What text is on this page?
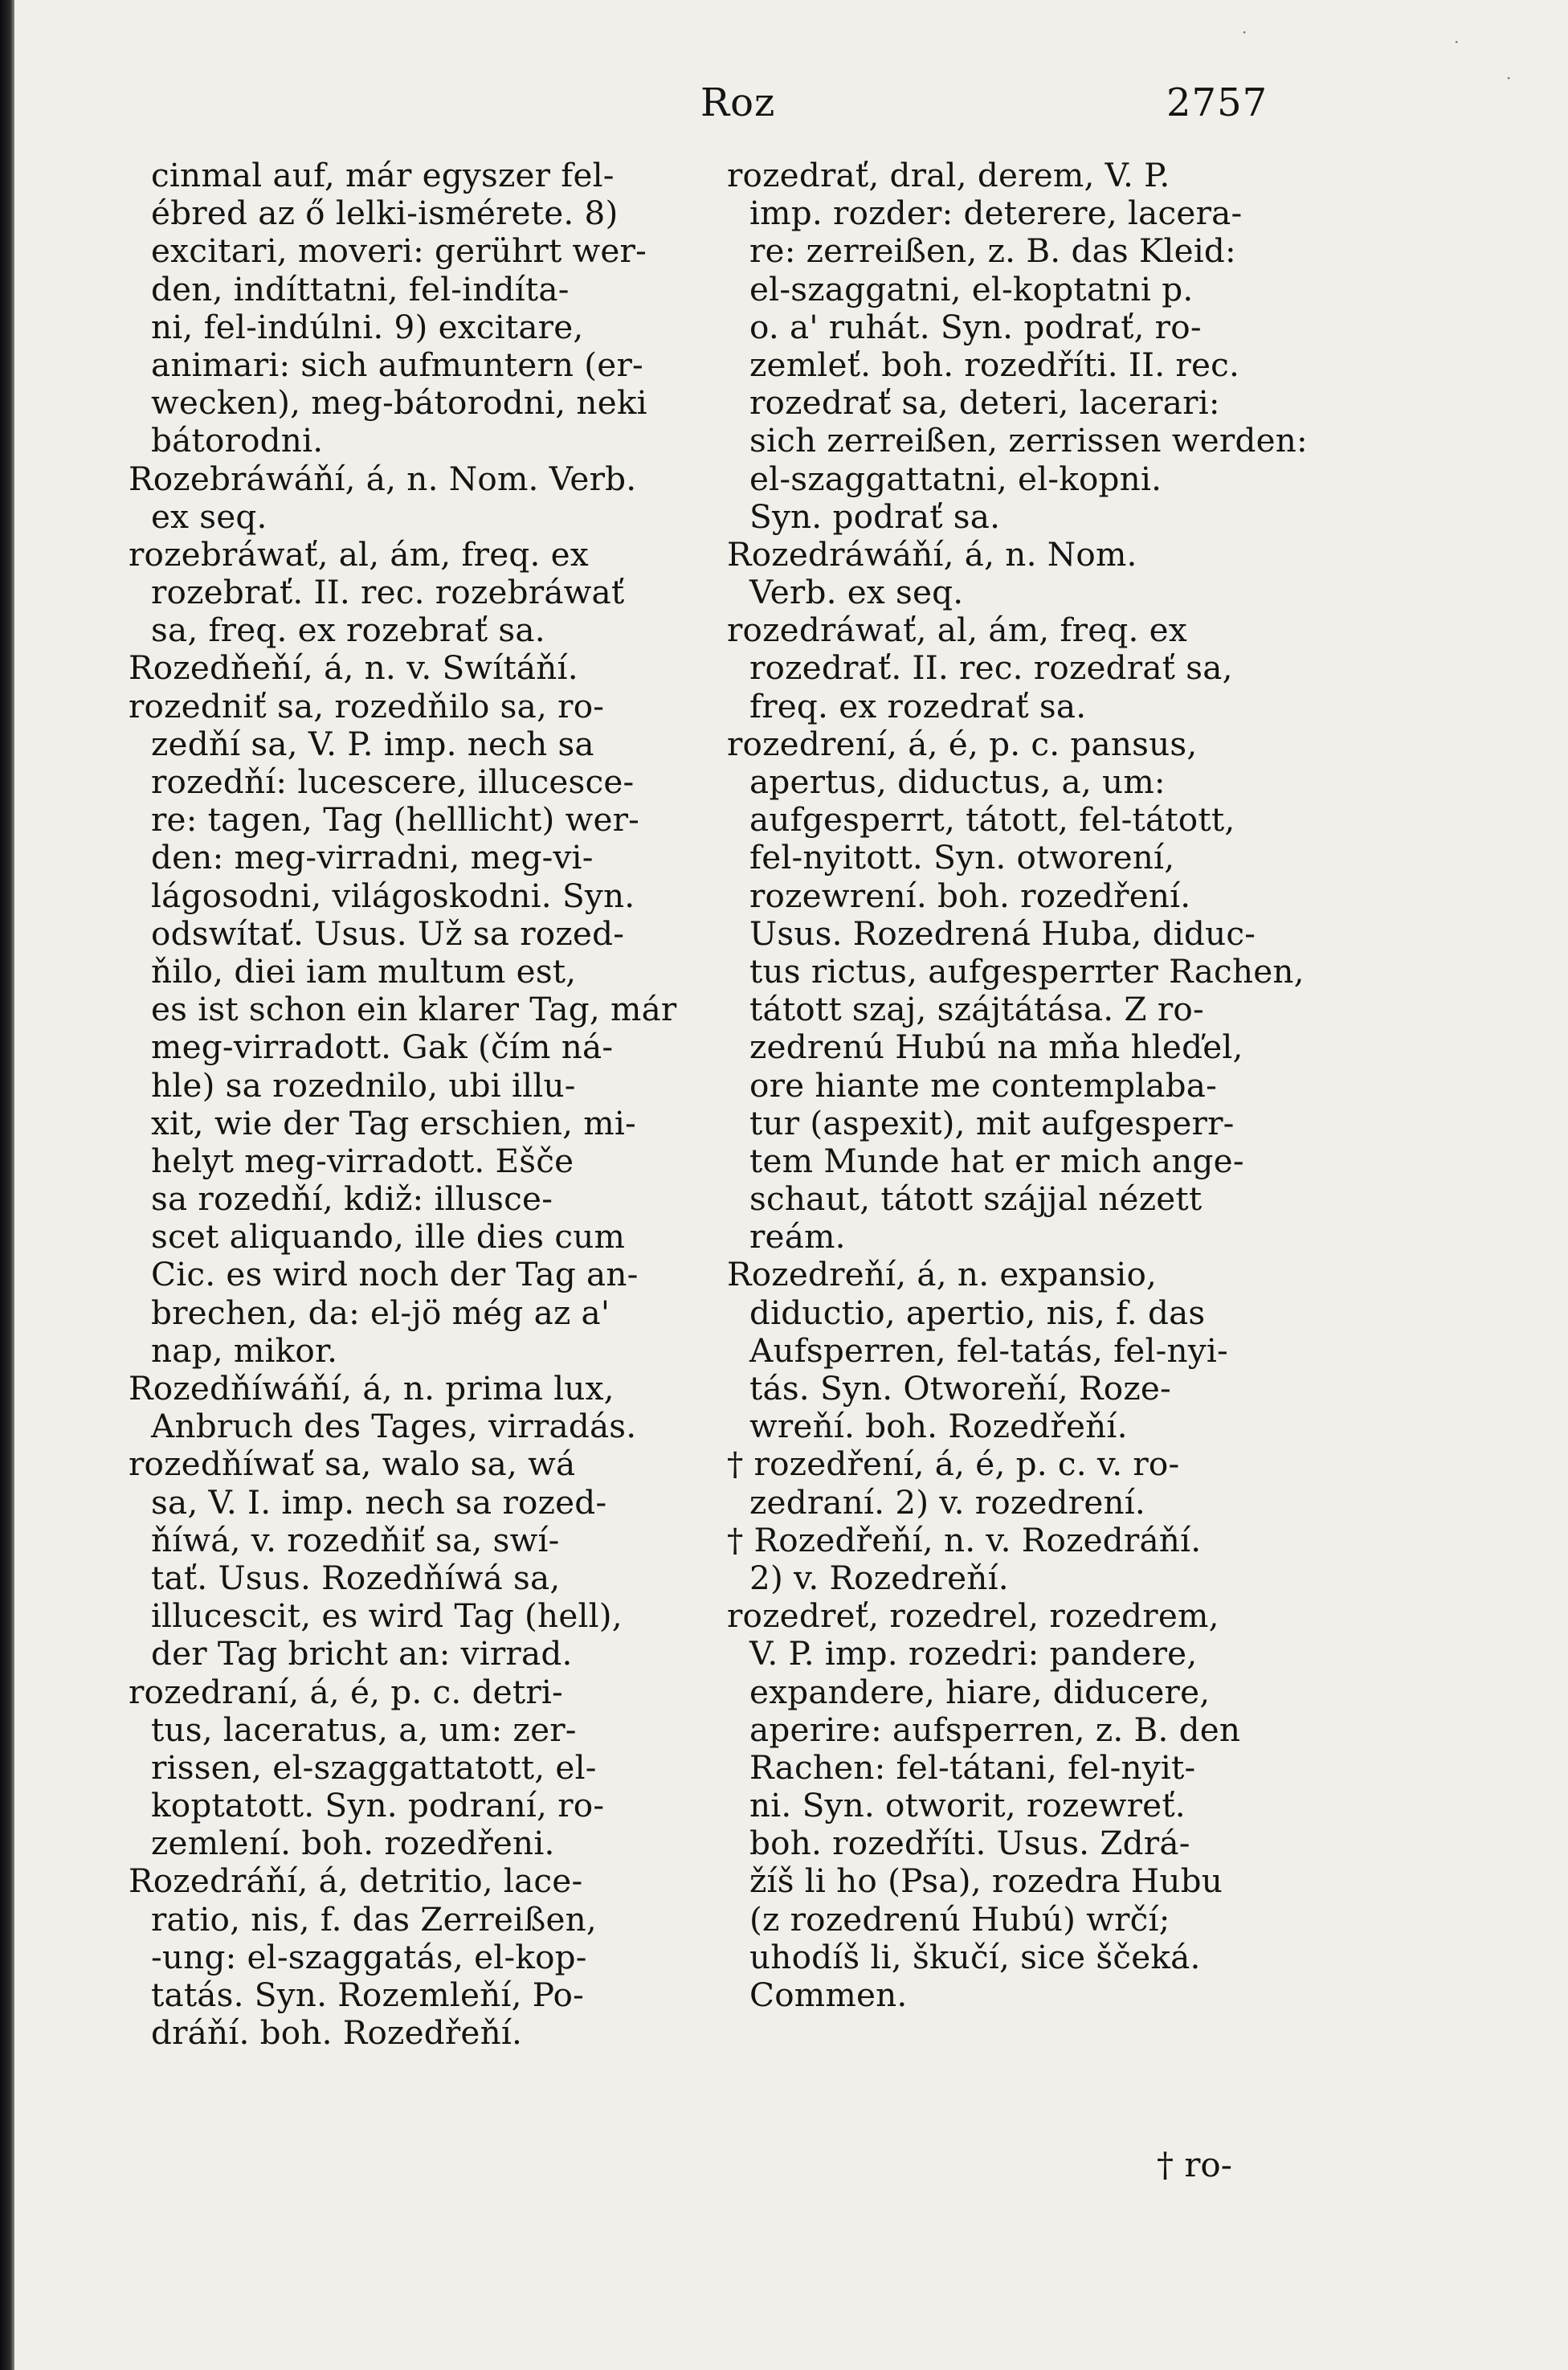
Roz	2757
cinmal auf, már egyszer fel-
ébred az ő lelki-ismérete. 8)
excitari, moveri: gerührt wer-
den, indíttatni, fel-indíta-
ni, fel-indúlni. 9) excitare,
animari: sich aufmuntern (er-
wecken), meg-bátorodni, neki
bátorodni.
Rozebráwáňí, á, n. Nom. Verb.
ex seq.
rozebráwať, al, ám, freq. ex
rozebrať. II. rec. rozebráwať
sa, freq. ex rozebrať sa.
Rozedňeňí, á, n. v. Swítáňí.
rozedniť sa, rozedňilo sa, ro-
zedňí sa, V. P. imp. nech sa
rozedňí: lucescere, illucesce-
re: tagen, Tag (helllicht) wer-
den: meg-virradni, meg-vi-
lágosodni, világoskodni. Syn.
odswítať. Usus. Už sa rozed-
ňilo, diei iam multum est,
es ist schon ein klarer Tag, már
meg-virradott. Gak (čím ná-
hle) sa rozednilo, ubi illu-
xit, wie der Tag erschien, mi-
helyt meg-virradott. Ešče
sa rozedňí, kdiž: illusce-
scet aliquando, ille dies cum
Cic. es wird noch der Tag an-
brechen, da: el-jö még az a'
nap, mikor.
Rozedňíwáňí, á, n. prima lux,
Anbruch des Tages, virradás.
rozedňíwať sa, walo sa, wá
sa, V. I. imp. nech sa rozed-
ňíwá, v. rozedňiť sa, swí-
tať. Usus. Rozedňíwá sa,
illucescit, es wird Tag (hell),
der Tag bricht an: virrad.
rozedraní, á, é, p. c. detri-
tus, laceratus, a, um: zer-
rissen, el-szaggattatott, el-
koptatott. Syn. podraní, ro-
zemlení. boh. rozedřeni.
Rozedráňí, á, detritio, lace-
ratio, nis, f. das Zerreißen,
-ung: el-szaggatás, el-kop-
tatás. Syn. Rozemleňí, Po-
dráňí. boh. Rozedřeňí.
rozedrať, dral, derem, V. P.
imp. rozder: deterere, lacera-
re: zerreißen, z. B. das Kleid:
el-szaggatni, el-koptatni p.
o. a' ruhát. Syn. podrať, ro-
zemleť. boh. rozedříti. II. rec.
rozedrať sa, deteri, lacerari:
sich zerreißen, zerrissen werden:
el-szaggattatni, el-kopni.
Syn. podrať sa.
Rozedráwáňí, á, n. Nom.
Verb. ex seq.
rozedráwať, al, ám, freq. ex
rozedrať. II. rec. rozedrať sa,
freq. ex rozedrať sa.
rozedrení, á, é, p. c. pansus,
apertus, diductus, a, um:
aufgesperrt, tátott, fel-tátott,
fel-nyitott. Syn. otworení,
rozewrení. boh. rozedření.
Usus. Rozedrená Huba, diduc-
tus rictus, aufgesperrter Rachen,
tátott szaj, szájtátása. Z ro-
zedrenú Hubú na mňa hleďel,
ore hiante me contemplaba-
tur (aspexit), mit aufgesperr-
tem Munde hat er mich ange-
schaut, tátott szájjal nézett
reám.
Rozedreňí, á, n. expansio,
diductio, apertio, nis, f. das
Aufsperren, fel-tatás, fel-nyi-
tás. Syn. Otworeňí, Roze-
wreňí. boh. Rozedřeňí.
† rozedření, á, é, p. c. v. ro-
zedraní. 2) v. rozedrení.
† Rozedřeňí, n. v. Rozedráňí.
2) v. Rozedreňí.
rozedreť, rozedrel, rozedrem,
V. P. imp. rozedri: pandere,
expandere, hiare, diducere,
aperire: aufsperren, z. B. den
Rachen: fel-tátani, fel-nyit-
ni. Syn. otworit, rozewreť.
boh. rozedříti. Usus. Zdrá-
žíš li ho (Psa), rozedra Hubu
(z rozedrenú Hubú) wrčí;
uhodíš li, škučí, sice ščeká.
Commen.
† ro-
·	·
·
